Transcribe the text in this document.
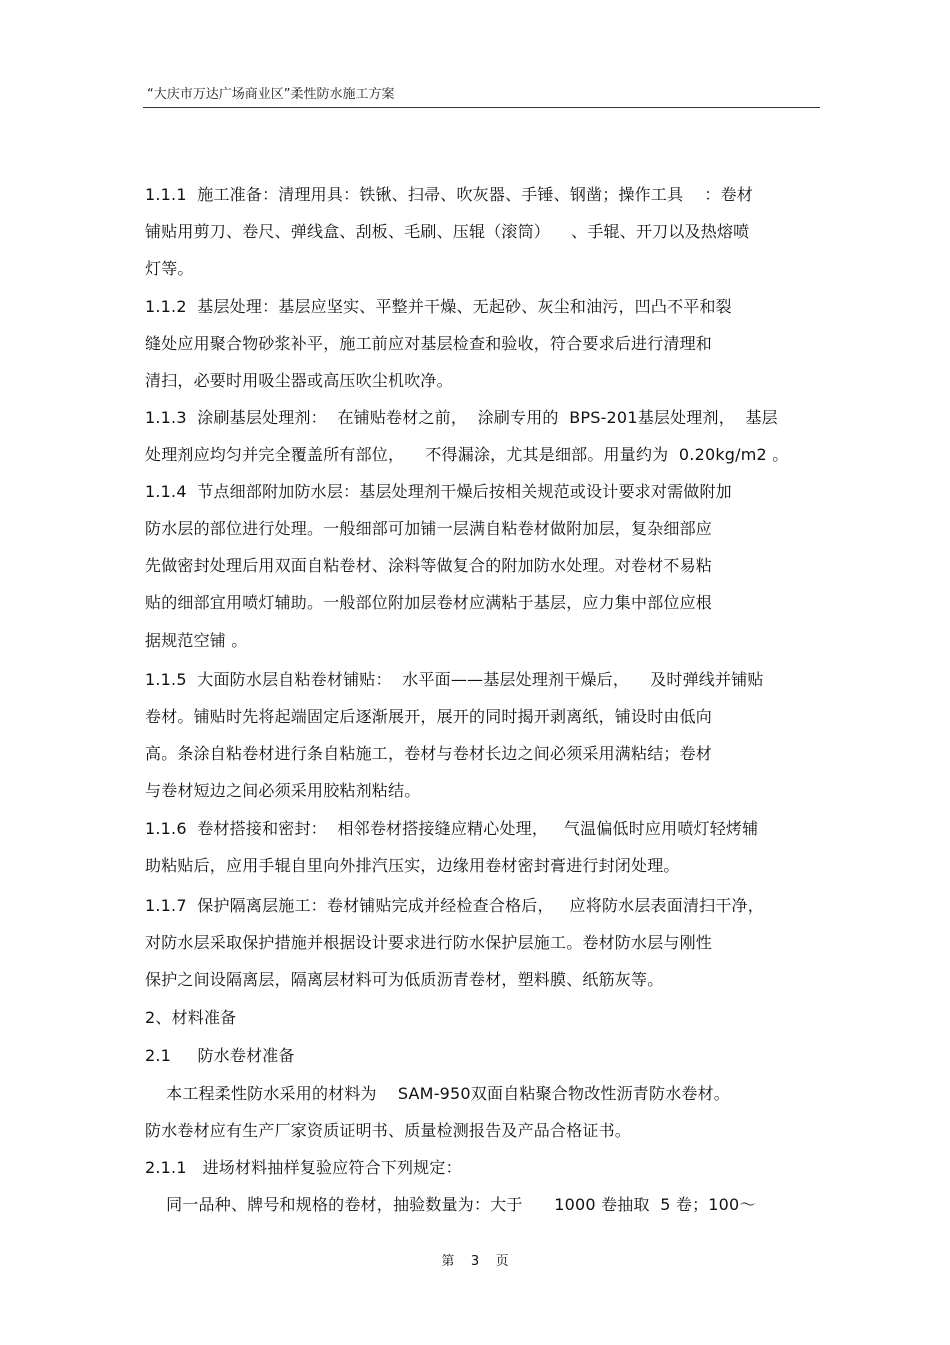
“大庆市万达广场商业区”柔性防水施工方案
1.1.1  施工准备：清理用具：铁锹、扫帚、吹灰器、手锤、钢凿；操作工具    ：卷材
铺贴用剪刀、卷尺、弹线盒、刮板、毛刷、压辊（滚筒）    、手辊、开刀以及热熔喷
灯等。
1.1.2  基层处理：基层应坚实、平整并干燥、无起砂、灰尘和油污，凹凸不平和裂
缝处应用聚合物砂浆补平，施工前应对基层检查和验收，符合要求后进行清理和
清扫，必要时用吸尘器或高压吹尘机吹净。
1.1.3  涂刷基层处理剂：  在铺贴卷材之前，  涂刷专用的  BPS-201基层处理剂，  基层
处理剂应均匀并完全覆盖所有部位，    不得漏涂，尤其是细部。用量约为  0.20kg/m2 。
1.1.4  节点细部附加防水层：基层处理剂干燥后按相关规范或设计要求对需做附加
防水层的部位进行处理。一般细部可加铺一层满自粘卷材做附加层，复杂细部应
先做密封处理后用双面自粘卷材、涂料等做复合的附加防水处理。对卷材不易粘
贴的细部宜用喷灯辅助。一般部位附加层卷材应满粘于基层，应力集中部位应根
据规范空铺 。
1.1.5  大面防水层自粘卷材铺贴：  水平面——基层处理剂干燥后，    及时弹线并铺贴
卷材。铺贴时先将起端固定后逐渐展开，展开的同时揭开剥离纸，铺设时由低向
高。条涂自粘卷材进行条自粘施工，卷材与卷材长边之间必须采用满粘结；卷材
与卷材短边之间必须采用胶粘剂粘结。
1.1.6  卷材搭接和密封：  相邻卷材搭接缝应精心处理，   气温偏低时应用喷灯轻烤辅
助粘贴后，应用手辊自里向外排汽压实，边缘用卷材密封膏进行封闭处理。
1.1.7  保护隔离层施工：卷材铺贴完成并经检查合格后，   应将防水层表面清扫干净，
对防水层采取保护措施并根据设计要求进行防水保护层施工。卷材防水层与刚性
保护之间设隔离层，隔离层材料可为低质沥青卷材，塑料膜、纸筋灰等。
2、材料准备
2.1     防水卷材准备
本工程柔性防水采用的材料为    SAM-950双面自粘聚合物改性沥青防水卷材。
防水卷材应有生产厂家资质证明书、质量检测报告及产品合格证书。
2.1.1   进场材料抽样复验应符合下列规定：
同一品种、牌号和规格的卷材，抽验数量为：大于      1000 卷抽取  5 卷；100～
第    3    页
